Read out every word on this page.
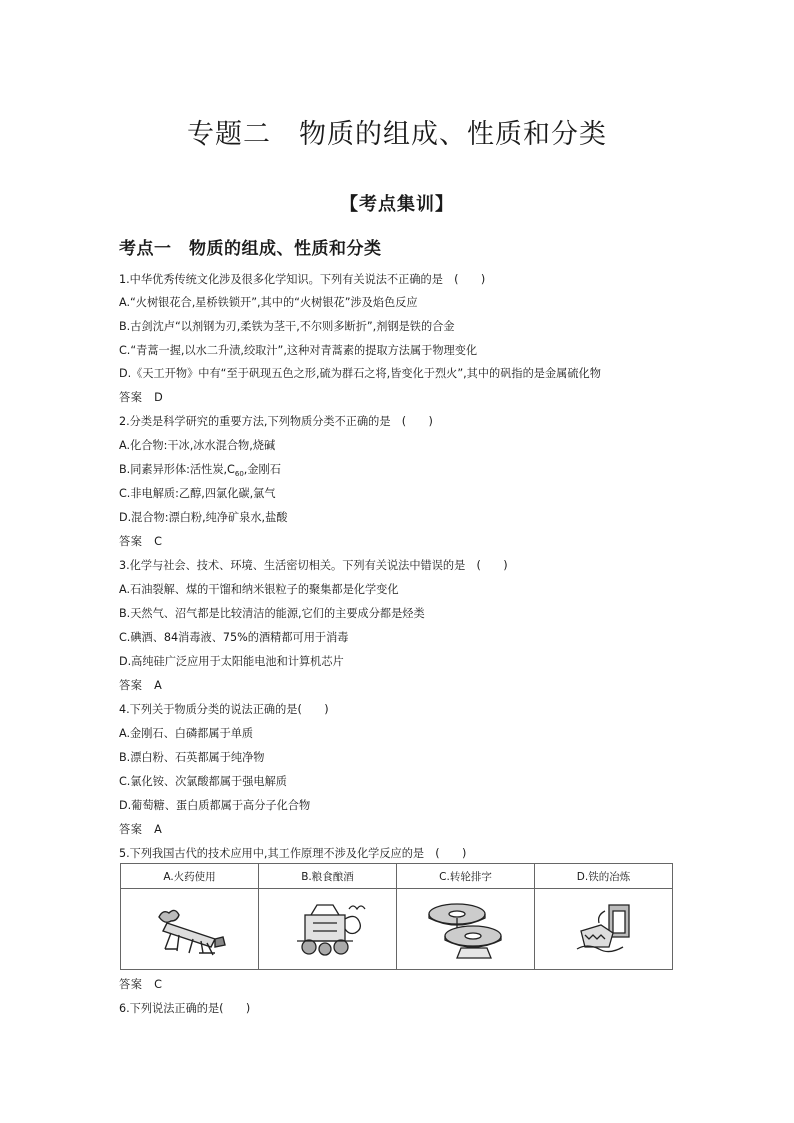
专题二　物质的组成、性质和分类
【考点集训】
考点一　物质的组成、性质和分类
1.中华优秀传统文化涉及很多化学知识。下列有关说法不正确的是　(　　)
A.“火树银花合,星桥铁锁开”,其中的“火树银花”涉及焰色反应
B.古剑沈卢“以剂钢为刃,柔铁为茎干,不尔则多断折”,剂钢是铁的合金
C.“青蒿一握,以水二升渍,绞取汁”,这种对青蒿素的提取方法属于物理变化
D.《天工开物》中有“至于矾现五色之形,硫为群石之将,皆变化于烈火”,其中的矾指的是金属硫化物
答案　D
2.分类是科学研究的重要方法,下列物质分类不正确的是　(　　)
A.化合物:干冰,冰水混合物,烧碱
B.同素异形体:活性炭$,C_{60}$,金刚石
C.非电解质:乙醇,四氯化碳,氯气
D.混合物:漂白粉,纯净矿泉水,盐酸
答案　C
3.化学与社会、技术、环境、生活密切相关。下列有关说法中错误的是　(　　)
A.石油裂解、煤的干馏和纳米银粒子的聚集都是化学变化
B.天然气、沼气都是比较清洁的能源,它们的主要成分都是烃类
C.碘酒、84消毒液、75%的酒精都可用于消毒
D.高纯硅广泛应用于太阳能电池和计算机芯片
答案　A
4.下列关于物质分类的说法正确的是(　　)
A.金刚石、白磷都属于单质
B.漂白粉、石英都属于纯净物
C.氯化铵、次氯酸都属于强电解质
D.葡萄糖、蛋白质都属于高分子化合物
答案　A
5.下列我国古代的技术应用中,其工作原理不涉及化学反应的是　(　　)
A.火药使用	B.粮食酿酒	C.转轮排字	D.铁的冶炼

答案　C
6.下列说法正确的是(　　)
